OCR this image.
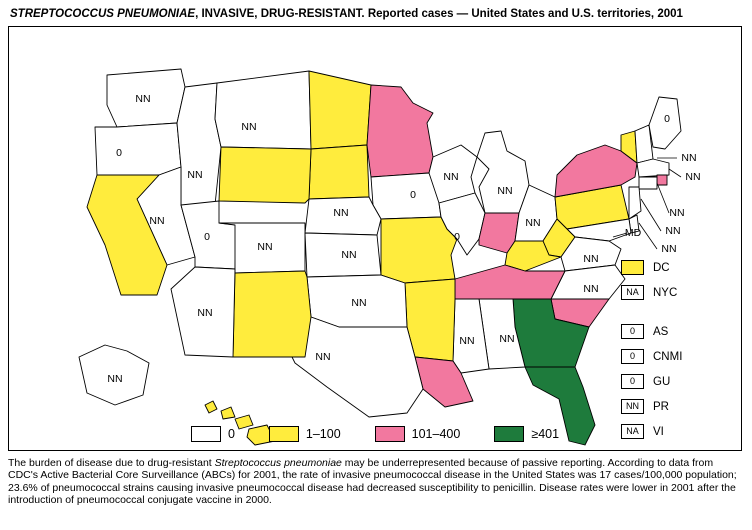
STREPTOCOCCUS PNEUMONIAE, INVASIVE, DRUG-RESISTANT. Reported cases — United States and U.S. territories, 2001
NN
0
NN
NN
NN
NN
0
NN
NN
NN
NN
NN
MD
NN
0
0
NN
NN
0
NN
NN	NN
NN
NN
NN
NN
NN
NN
NN
DC
NA	NYC
0	AS
0	CNMI
0	GU
NN	PR
NA	VI
0	1–100	101–400	≥401
The burden of disease due to drug-resistant Streptococcus pneumoniae may be underrepresented because of passive reporting. According to data from CDC's Active Bacterial Core Surveillance (ABCs) for 2001, the rate of invasive pneumococcal disease in the United States was 17 cases/100,000 population; 23.6% of pneumococcal strains causing invasive pneumococcal disease had decreased susceptibility to penicillin. Disease rates were lower in 2001 after the introduction of pneumococcal conjugate vaccine in 2000.
